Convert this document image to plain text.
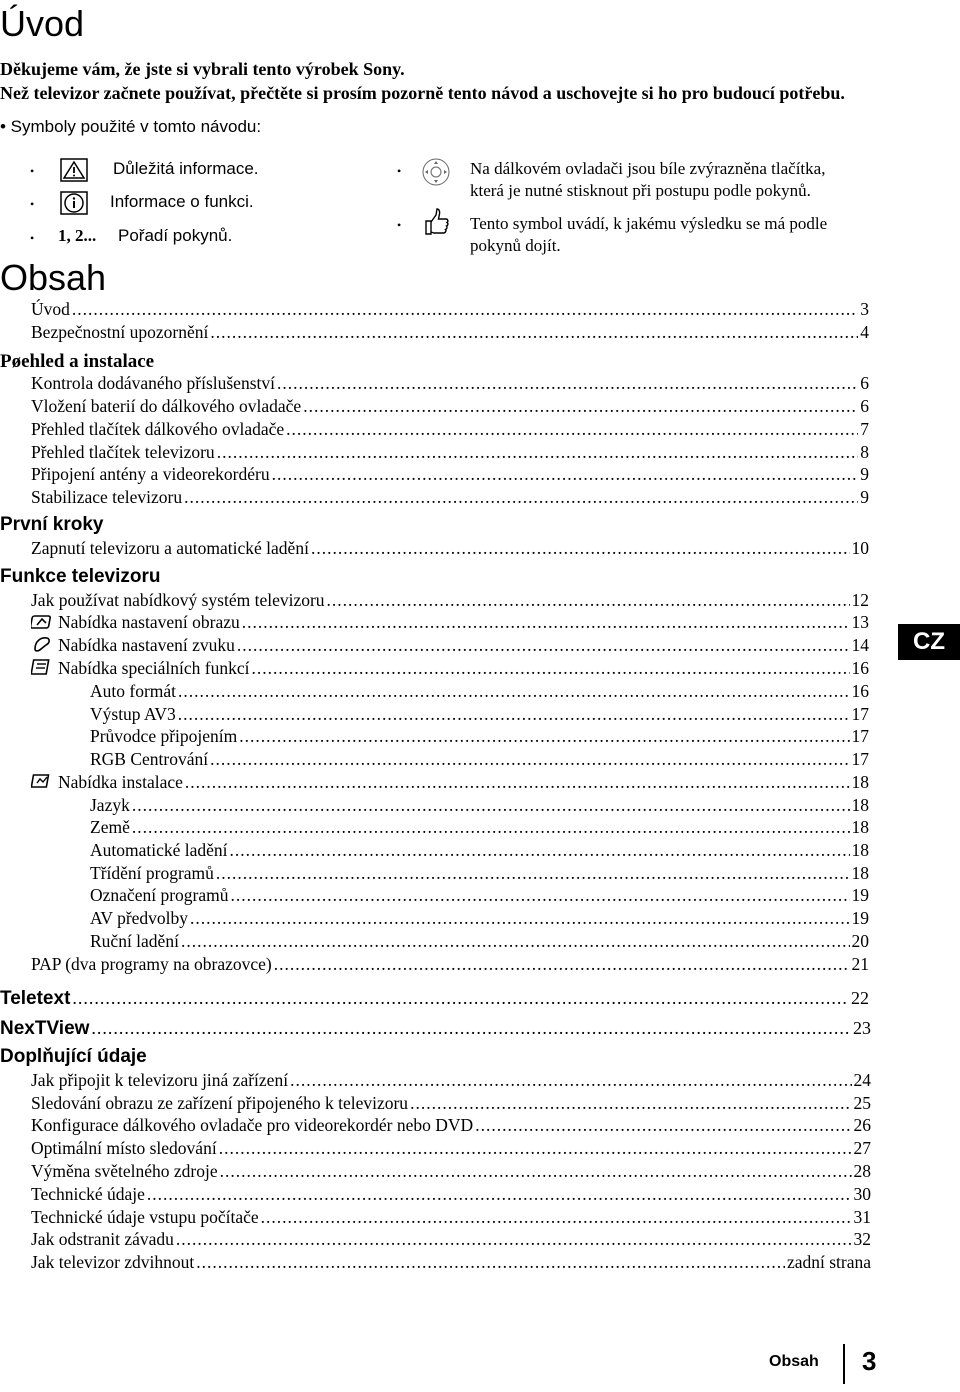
Úvod
Děkujeme vám, že jste si vybrali tento výrobek Sony.
Než televizor začnete používat, přečtěte si prosím pozorně tento návod a uschovejte si ho pro budoucí potřebu.
• Symboly použité v tomto návodu:
•	Důležitá informace.
•	Informace o funkci.
• 1, 2... Pořadí pokynů.
•	Na dálkovém ovladači jsou bíle zvýrazněna tlačítka,
která je nutné stisknout při postupu podle pokynů.
•	Tento symbol uvádí, k jakému výsledku se má podle
pokynů dojít.
Obsah
Úvod .....	3
Bezpečnostní upozornění .....	4
Pøehled a instalace
Kontrola dodávaného příslušenství .....	6
Vložení baterií do dálkového ovladače .....	6
Přehled tlačítek dálkového ovladače .....	7
Přehled tlačítek televizoru .....	8
Připojení antény a videorekordéru .....	9
Stabilizace televizoru .....	9
První kroky
Zapnutí televizoru a automatické ladění .....	10
Funkce televizoru
Jak používat nabídkový systém televizoru .....	12
Nabídka nastavení obrazu .....	13
Nabídka nastavení zvuku .....	14
Nabídka speciálních funkcí .....	16
Auto formát .....	16
Výstup AV3 .....	17
Průvodce připojením .....	17
RGB Centrování .....	17
Nabídka instalace .....	18
Jazyk .....	18
Země .....	18
Automatické ladění .....	18
Třídění programů .....	18
Označení programů .....	19
AV předvolby .....	19
Ruční ladění .....	20
PAP (dva programy na obrazovce) .....	21
Teletext .....	22
NexTView .....	23
Doplňující údaje
Jak připojit k televizoru jiná zařízení .....	24
Sledování obrazu ze zařízení připojeného k televizoru .....	25
Konfigurace dálkového ovladače pro videorekordér nebo DVD .....	26
Optimální místo sledování .....	27
Výměna světelného zdroje .....	28
Technické údaje .....	30
Technické údaje vstupu počítače .....	31
Jak odstranit závadu .....	32
Jak televizor zdvihnout .....	zadní strana
CZ
Obsah 3
